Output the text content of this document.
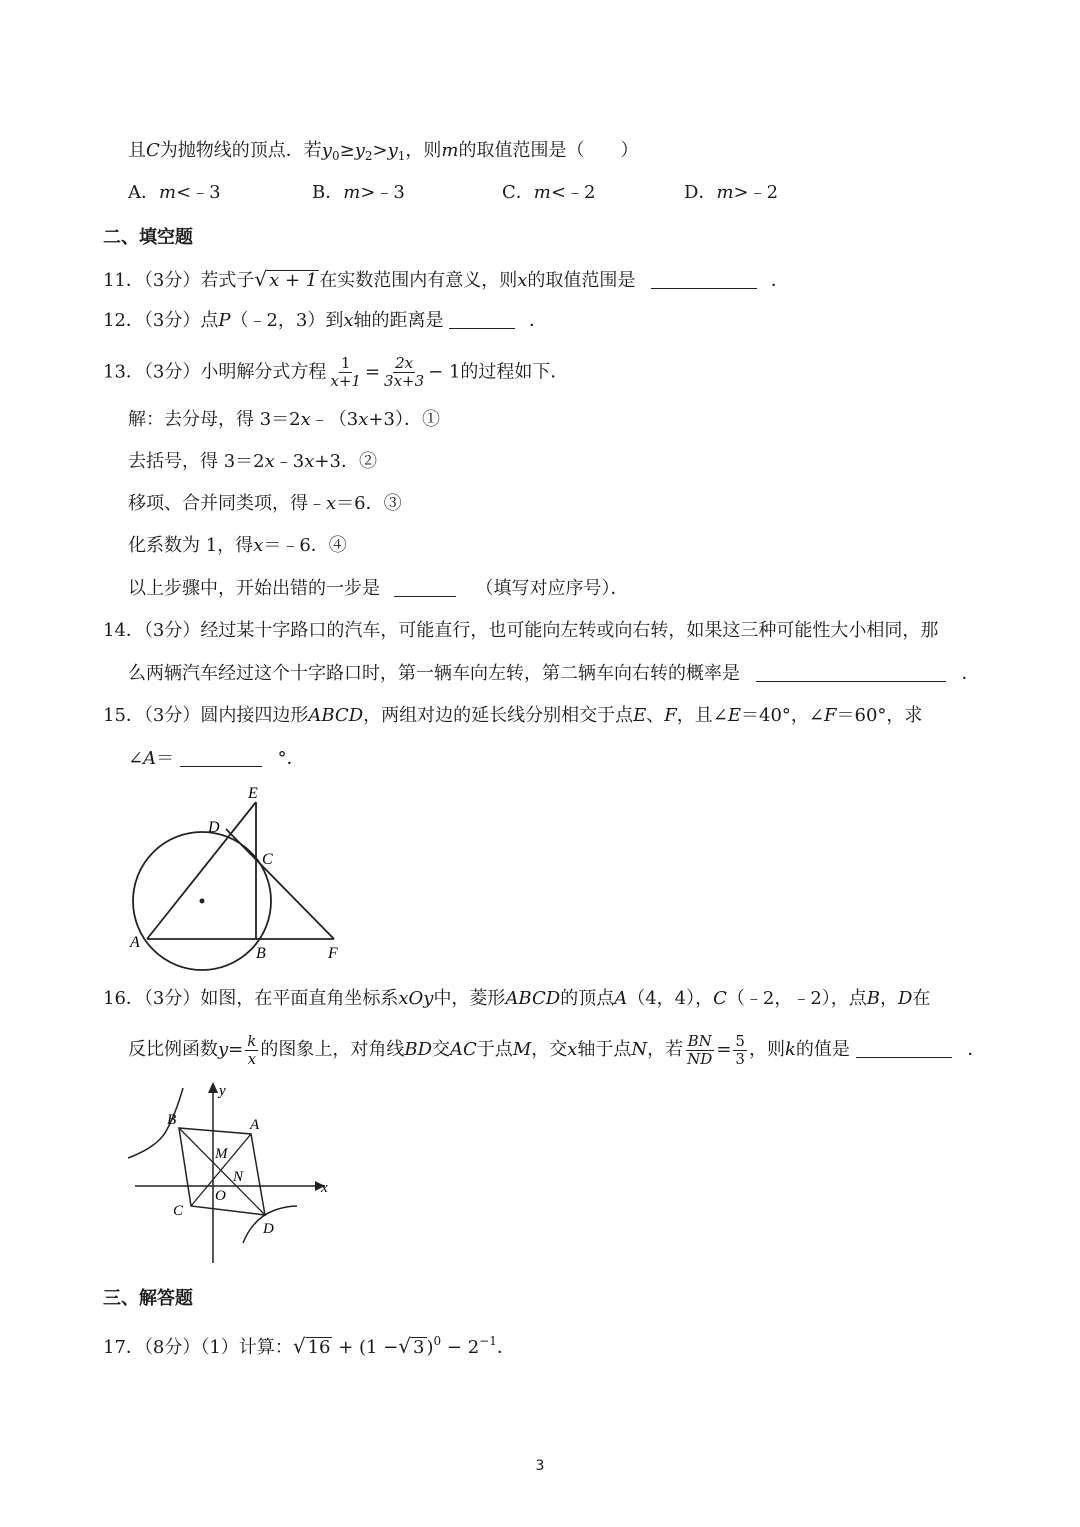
且C为抛物线的顶点．若$y_0\ge y_2>y_1$，则m的取值范围是（　　）
A．m<﹣3	B．m>﹣3	C．m<﹣2	D．m>﹣2
二、填空题
11．（3分）若式子√ x + 1 在实数范围内有意义，则x的取值范围是	．
12．（3分）点P（﹣2，3）到x轴的距离是	．
13．（3分）小明解分式方程 $\frac{1}{x+1} = \frac{2x}{3x+3} - 1$的过程如下．
解：去分母，得 3＝2x﹣（3x+3）．①
去括号，得 3＝2x﹣3x+3．②
移项、合并同类项，得﹣x＝6．③
化系数为 1，得x＝﹣6．④
以上步骤中，开始出错的一步是	（填写对应序号）．
14．（3分）经过某十字路口的汽车，可能直行，也可能向左转或向右转，如果这三种可能性大小相同，那
么两辆汽车经过这个十字路口时，第一辆车向左转，第二辆车向右转的概率是	．
15．（3分）圆内接四边形ABCD，两组对边的延长线分别相交于点E、F，且∠E＝40°，∠F＝60°，求
∠A＝	°．
A
B
C
D
E
F
16．（3分）如图，在平面直角坐标系xOy中，菱形ABCD的顶点A（4，4），C（﹣2，﹣2），点B，D在
反比例函数$y= \frac{k}{x}$ 的图象上，对角线BD交AC于点M，交x轴于点N，若 $\frac{BN}{ND} = \frac{5}{3}$ ，则k的值是	．
y
x
O
A
B
C
D
M
N
三、解答题
17．（8分）（1）计算：√ 16 + (1 −√ 3 )$^0 - 2^{-1}$．
3
